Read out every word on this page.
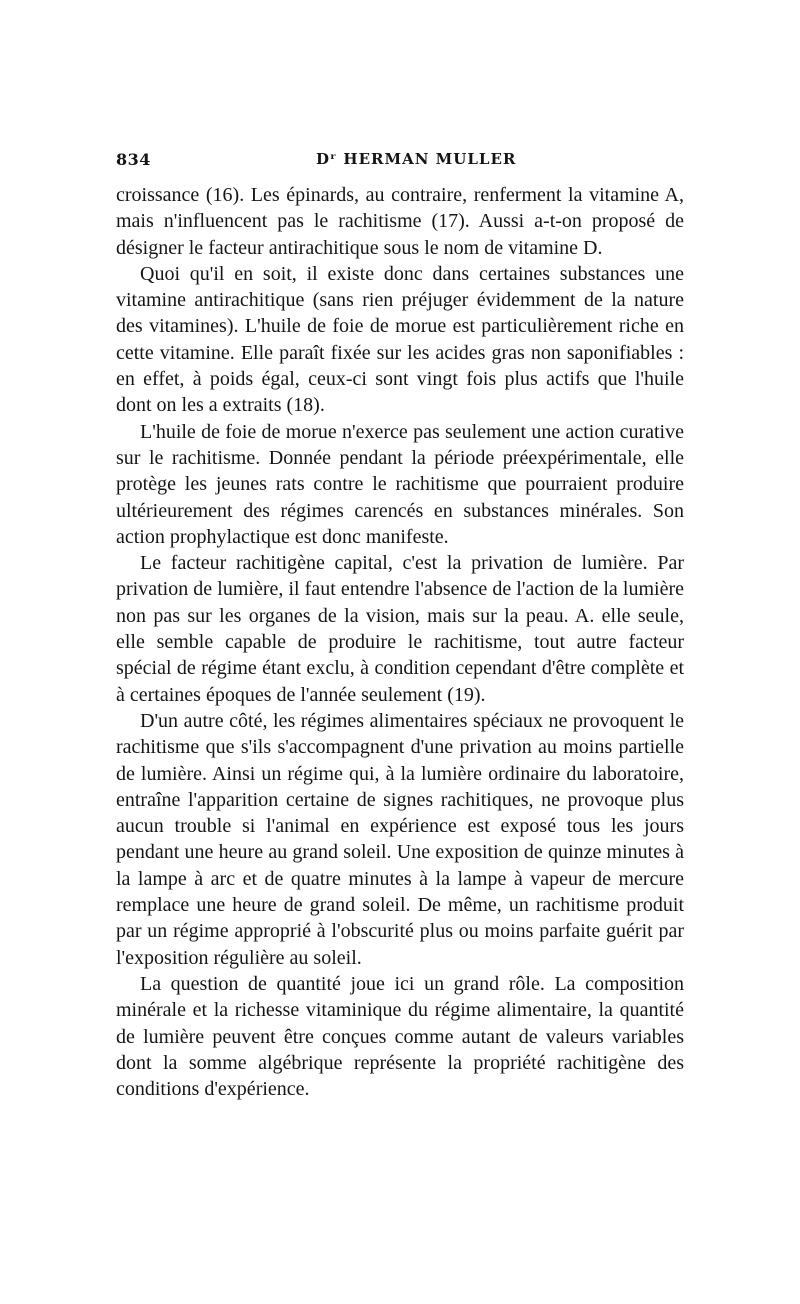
834	Dʳ HERMAN MULLER

croissance (16). Les épinards, au contraire, renferment la vitamine A, mais n'influencent pas le rachitisme (17). Aussi a-t-on proposé de désigner le facteur antirachitique sous le nom de vitamine D.

Quoi qu'il en soit, il existe donc dans certaines substances une vitamine antirachitique (sans rien préjuger évidemment de la nature des vitamines). L'huile de foie de morue est particulièrement riche en cette vitamine. Elle paraît fixée sur les acides gras non saponifiables : en effet, à poids égal, ceux-ci sont vingt fois plus actifs que l'huile dont on les a extraits (18).

L'huile de foie de morue n'exerce pas seulement une action curative sur le rachitisme. Donnée pendant la période préexpérimentale, elle protège les jeunes rats contre le rachitisme que pourraient produire ultérieurement des régimes carencés en substances minérales. Son action prophylactique est donc manifeste.

Le facteur rachitigène capital, c'est la privation de lumière. Par privation de lumière, il faut entendre l'absence de l'action de la lumière non pas sur les organes de la vision, mais sur la peau. A. elle seule, elle semble capable de produire le rachitisme, tout autre facteur spécial de régime étant exclu, à condition cependant d'être complète et à certaines époques de l'année seulement (19).

D'un autre côté, les régimes alimentaires spéciaux ne provoquent le rachitisme que s'ils s'accompagnent d'une privation au moins partielle de lumière. Ainsi un régime qui, à la lumière ordinaire du laboratoire, entraîne l'apparition certaine de signes rachitiques, ne provoque plus aucun trouble si l'animal en expérience est exposé tous les jours pendant une heure au grand soleil. Une exposition de quinze minutes à la lampe à arc et de quatre minutes à la lampe à vapeur de mercure remplace une heure de grand soleil. De même, un rachitisme produit par un régime approprié à l'obscurité plus ou moins parfaite guérit par l'exposition régulière au soleil.

La question de quantité joue ici un grand rôle. La composition minérale et la richesse vitaminique du régime alimentaire, la quantité de lumière peuvent être conçues comme autant de valeurs variables dont la somme algébrique représente la propriété rachitigène des conditions d'expérience.
